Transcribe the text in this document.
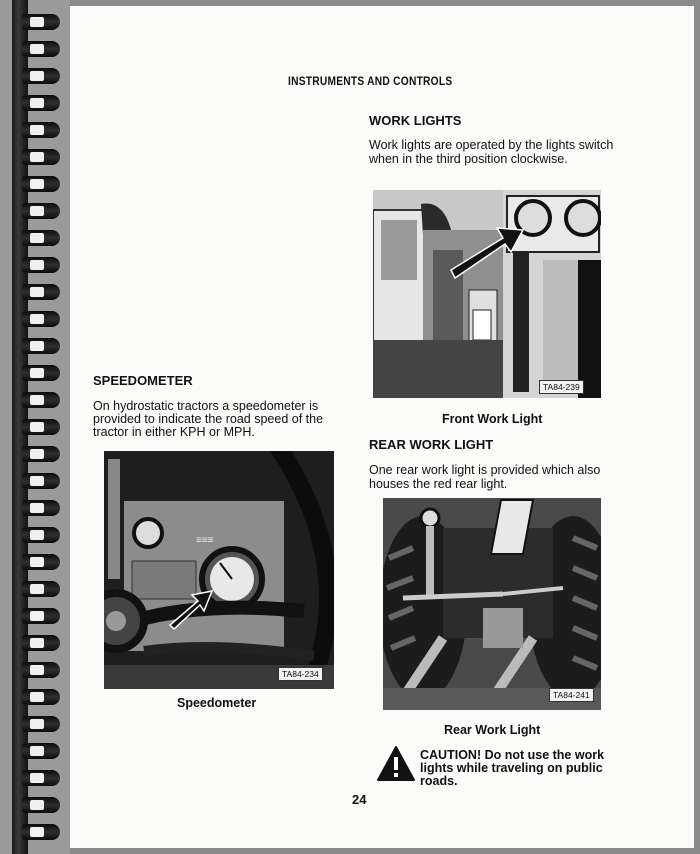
INSTRUMENTS AND CONTROLS
WORK LIGHTS
Work lights are operated by the lights switch
when in the third position clockwise.
TA84-239
Front Work Light
REAR WORK LIGHT
One rear work light is provided which also
houses the red rear light.
TA84-241
Rear Work Light
SPEEDOMETER
On hydrostatic tractors a speedometer is
provided to indicate the road speed of the
tractor in either KPH or MPH.
≡≡≡
TA84-234
Speedometer
CAUTION! Do not use the work
lights while traveling on public
roads.
24
